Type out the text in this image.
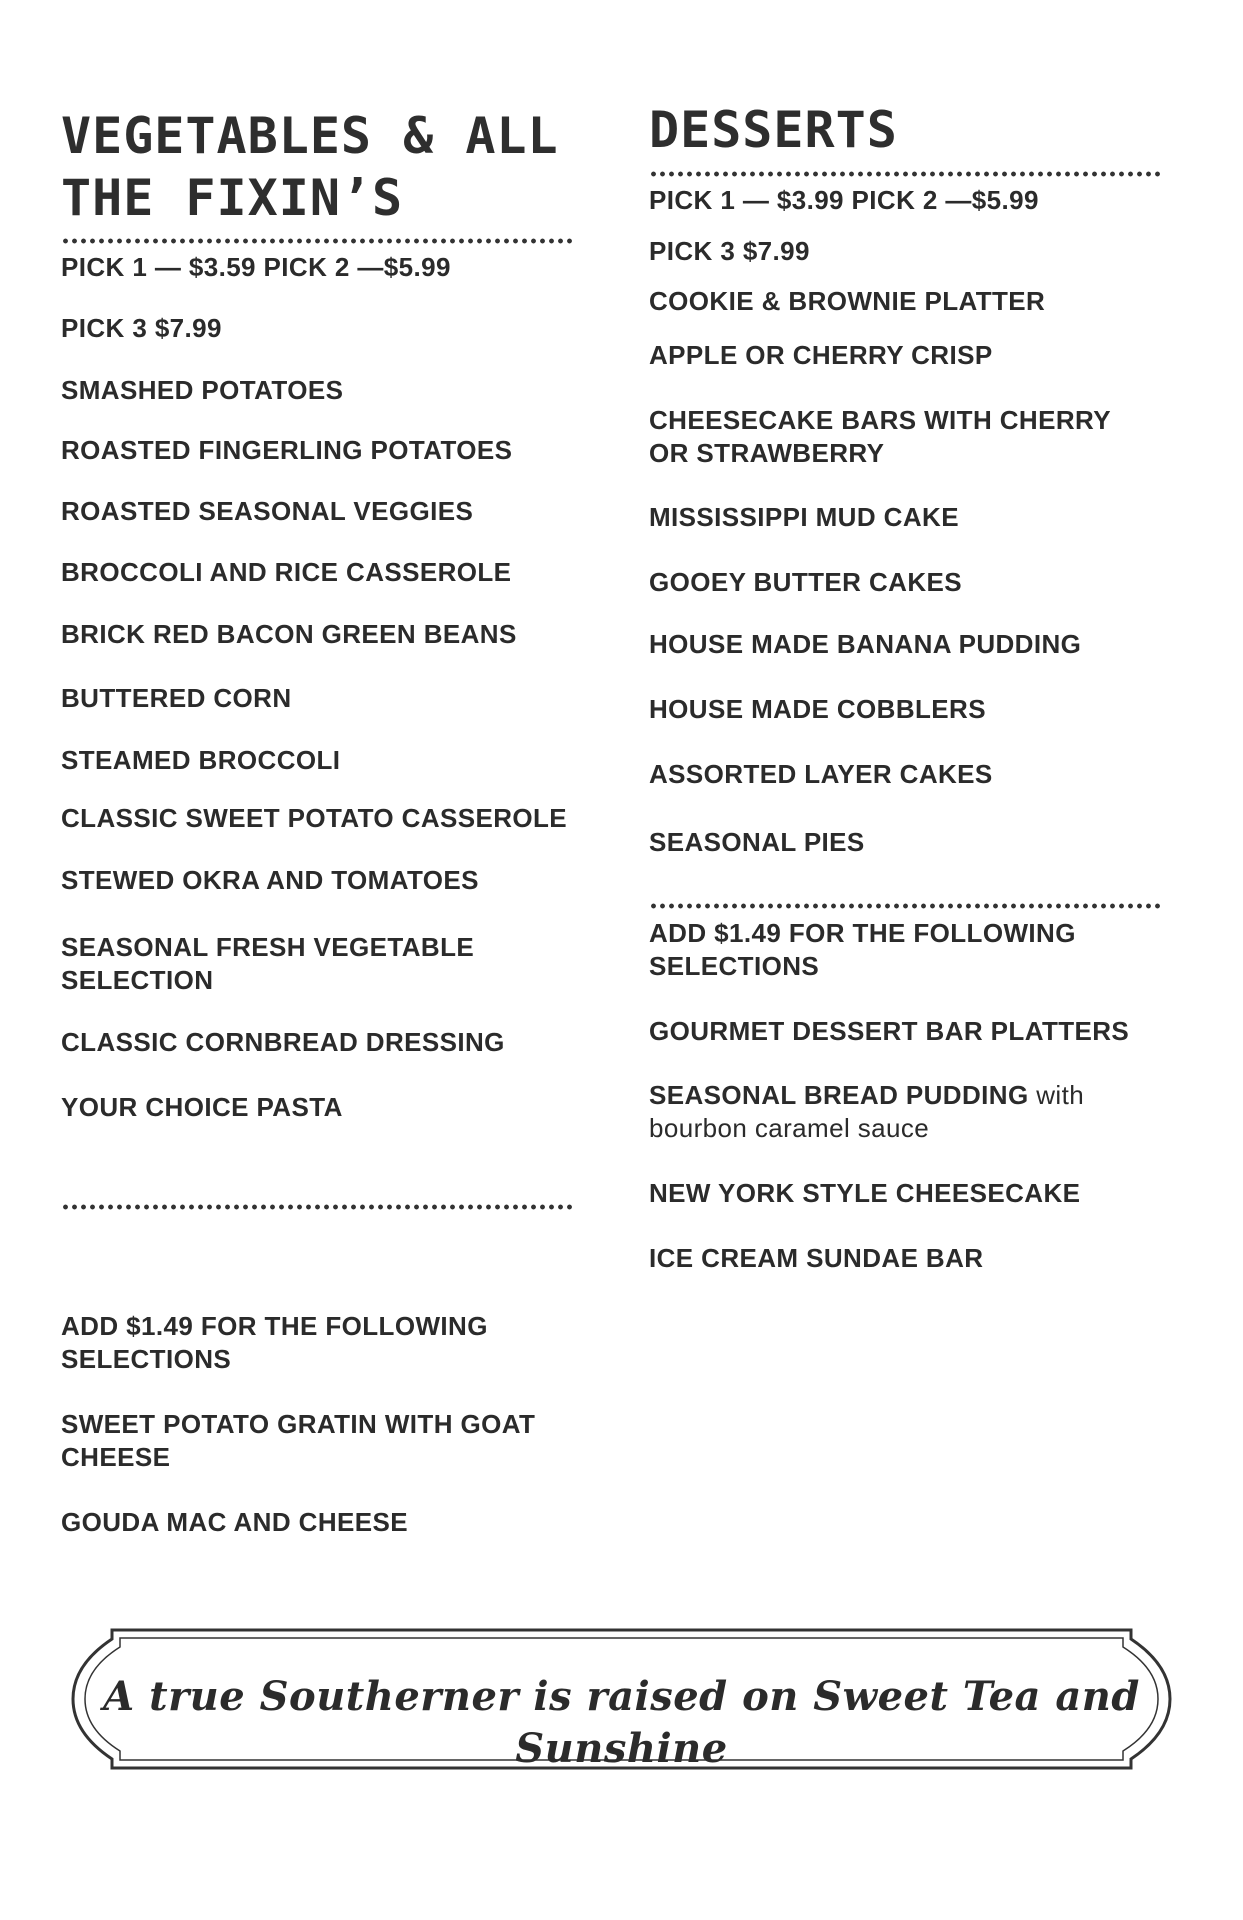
VEGETABLES & ALL
THE FIXIN’S

PICK 1 — $3.59 PICK 2 —$5.99

PICK 3 $7.99

SMASHED POTATOES

ROASTED FINGERLING POTATOES

ROASTED SEASONAL VEGGIES

BROCCOLI AND RICE CASSEROLE

BRICK RED BACON GREEN BEANS

BUTTERED CORN

STEAMED BROCCOLI

CLASSIC SWEET POTATO CASSEROLE

STEWED OKRA AND TOMATOES

SEASONAL FRESH VEGETABLE

SELECTION

CLASSIC CORNBREAD DRESSING

YOUR CHOICE PASTA

ADD $1.49 FOR THE FOLLOWING

SELECTIONS

SWEET POTATO GRATIN WITH GOAT

CHEESE

GOUDA MAC AND CHEESE

DESSERTS

PICK 1 — $3.99 PICK 2 —$5.99

PICK 3 $7.99

COOKIE & BROWNIE PLATTER

APPLE OR CHERRY CRISP

CHEESECAKE BARS WITH CHERRY

OR STRAWBERRY

MISSISSIPPI MUD CAKE

GOOEY BUTTER CAKES

HOUSE MADE BANANA PUDDING

HOUSE MADE COBBLERS

ASSORTED LAYER CAKES

SEASONAL PIES

ADD $1.49 FOR THE FOLLOWING

SELECTIONS

GOURMET DESSERT BAR PLATTERS

SEASONAL BREAD PUDDING with

bourbon caramel sauce

NEW YORK STYLE CHEESECAKE

ICE CREAM SUNDAE BAR

A true Southerner is raised on Sweet Tea and Sunshine
